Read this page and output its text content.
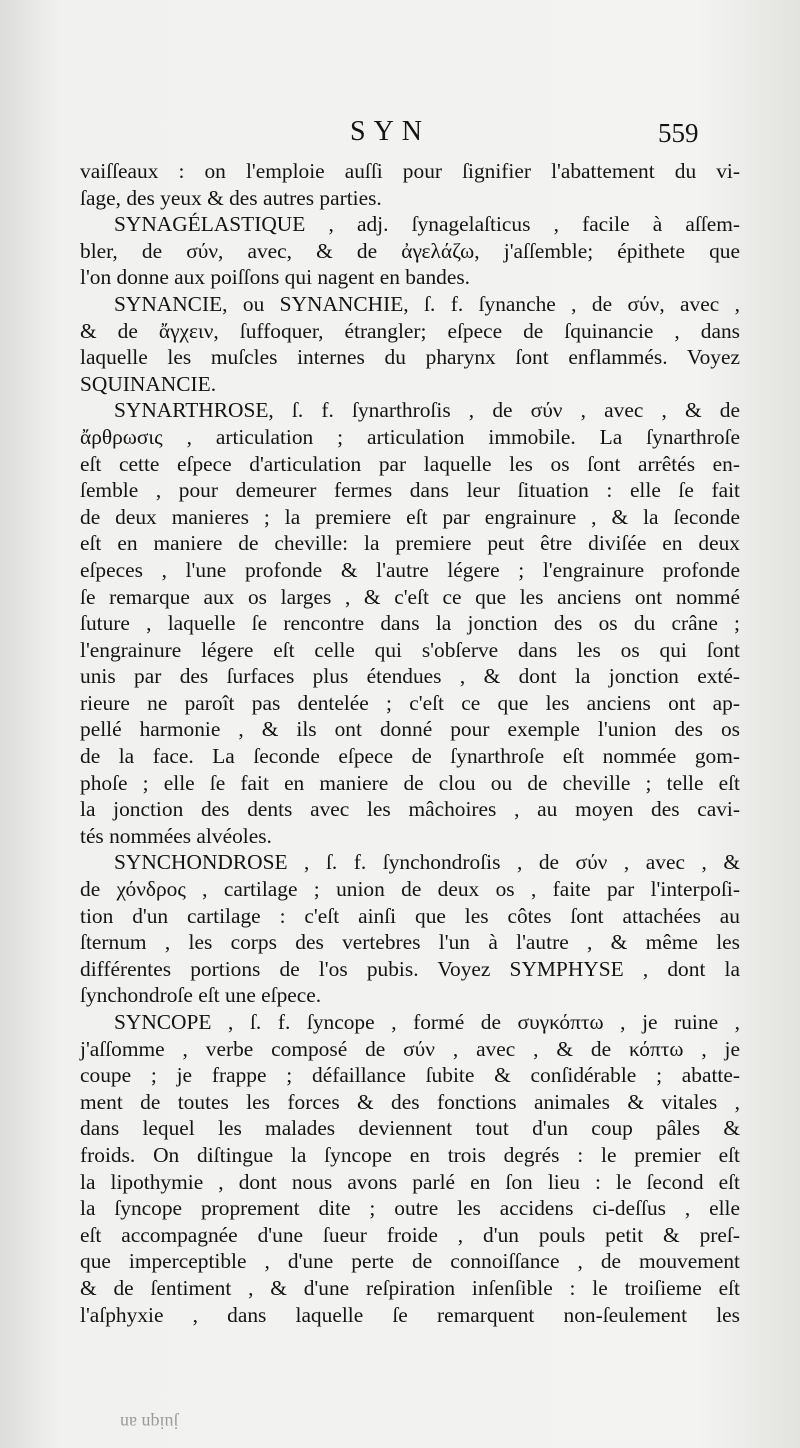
SYN	559
vaiſſeaux : on l'emploie auſſi pour ſignifier l'abattement du vi-
ſage, des yeux & des autres parties.
SYNAGÉLASTIQUE , adj. ſynagelaſticus , facile à aſſem-
bler, de σύν, avec, & de ἀγελάζω, j'aſſemble; épithete que
l'on donne aux poiſſons qui nagent en bandes.
SYNANCIE, ou SYNANCHIE, ſ. f. ſynanche , de σύν, avec ,
& de ἄγχειν, ſuffoquer, étrangler; eſpece de ſquinancie , dans
laquelle les muſcles internes du pharynx ſont enflammés. Voyez
SQUINANCIE.
SYNARTHROSE, ſ. f. ſynarthroſis , de σύν , avec , & de
ἄρθρωσις , articulation ; articulation immobile. La ſynarthroſe
eſt cette eſpece d'articulation par laquelle les os ſont arrêtés en-
ſemble , pour demeurer fermes dans leur ſituation : elle ſe fait
de deux manieres ; la premiere eſt par engrainure , & la ſeconde
eſt en maniere de cheville: la premiere peut être diviſée en deux
eſpeces , l'une profonde & l'autre légere ; l'engrainure profonde
ſe remarque aux os larges , & c'eſt ce que les anciens ont nommé
ſuture , laquelle ſe rencontre dans la jonction des os du crâne ;
l'engrainure légere eſt celle qui s'obſerve dans les os qui ſont
unis par des ſurfaces plus étendues , & dont la jonction exté-
rieure ne paroît pas dentelée ; c'eſt ce que les anciens ont ap-
pellé harmonie , & ils ont donné pour exemple l'union des os
de la face. La ſeconde eſpece de ſynarthroſe eſt nommée gom-
phoſe ; elle ſe fait en maniere de clou ou de cheville ; telle eſt
la jonction des dents avec les mâchoires , au moyen des cavi-
tés nommées alvéoles.
SYNCHONDROSE , ſ. f. ſynchondroſis , de σύν , avec , &
de χόνδρος , cartilage ; union de deux os , faite par l'interpoſi-
tion d'un cartilage : c'eſt ainſi que les côtes ſont attachées au
ſternum , les corps des vertebres l'un à l'autre , & même les
différentes portions de l'os pubis. Voyez SYMPHYSE , dont la
ſynchondroſe eſt une eſpece.
SYNCOPE , ſ. f. ſyncope , formé de συγκόπτω , je ruine ,
j'aſſomme , verbe composé de σύν , avec , & de κόπτω , je
coupe ; je frappe ; défaillance ſubite & conſidérable ; abatte-
ment de toutes les forces & des fonctions animales & vitales ,
dans lequel les malades deviennent tout d'un coup pâles &
froids. On diſtingue la ſyncope en trois degrés : le premier eſt
la lipothymie , dont nous avons parlé en ſon lieu : le ſecond eſt
la ſyncope proprement dite ; outre les accidens ci-deſſus , elle
eſt accompagnée d'une ſueur froide , d'un pouls petit & preſ-
que imperceptible , d'une perte de connoiſſance , de mouvement
& de ſentiment , & d'une reſpiration inſenſible : le troiſieme eſt
l'aſphyxie , dans laquelle ſe remarquent non-ſeulement les
juiqn an
